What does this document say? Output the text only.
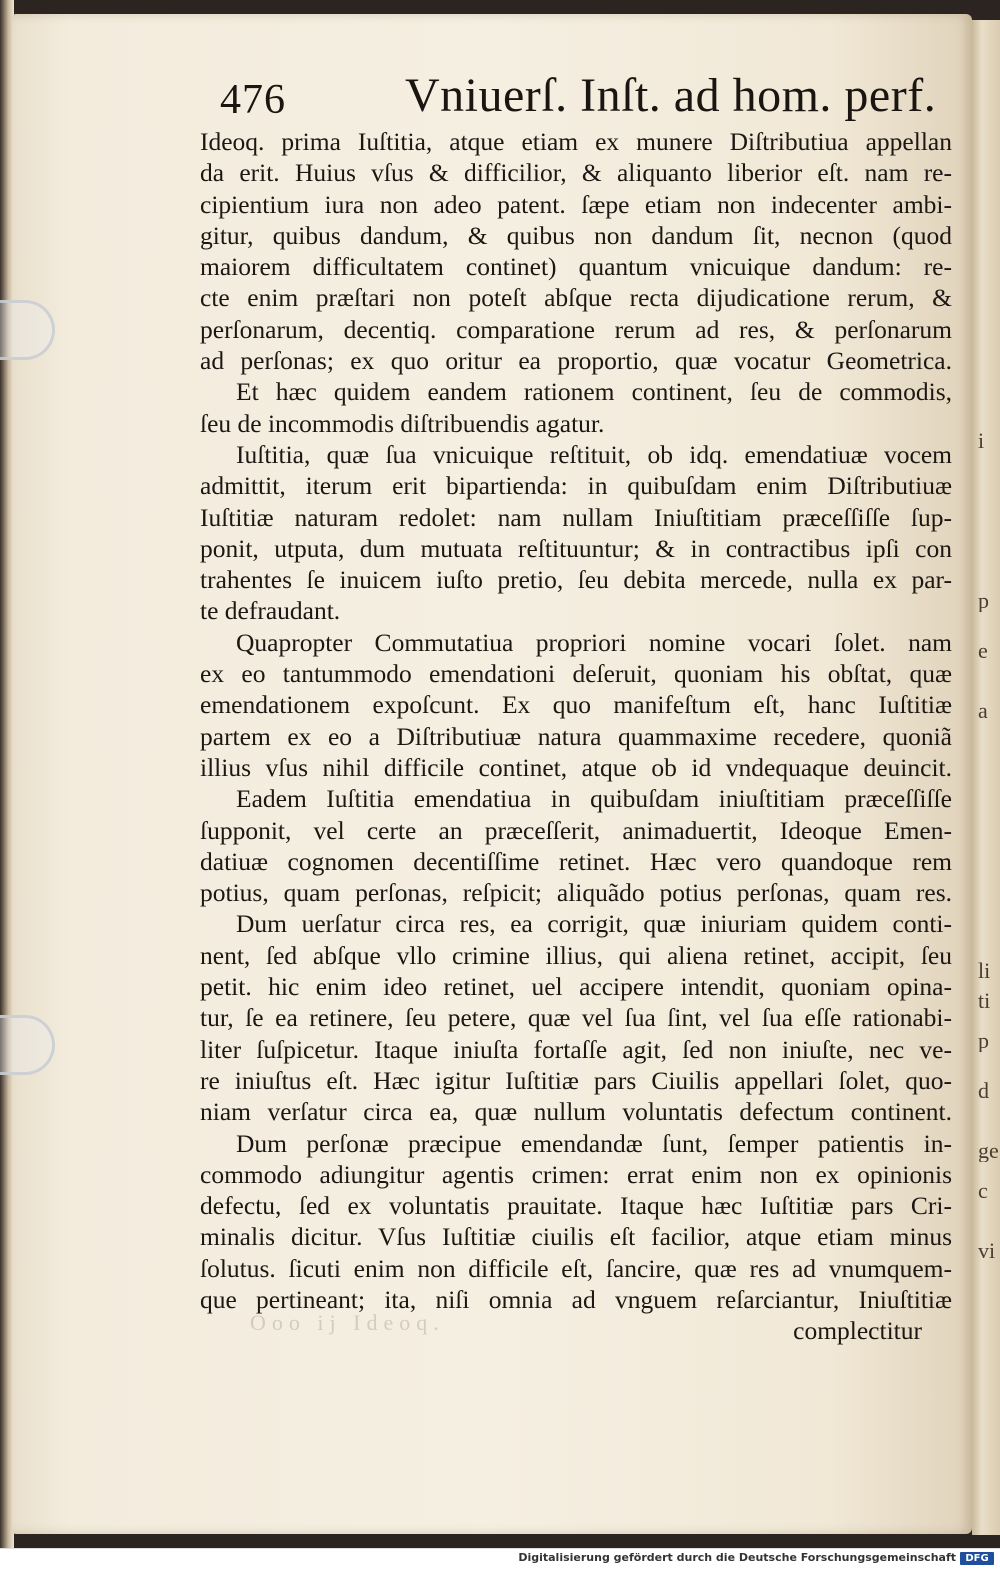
i
p
e
a
li
ti
p
d
ge
c
vi
476 Vniuerſ. Inſt. ad hom. perf.
Ideoq. prima Iuſtitia, atque etiam ex munere Diſtributiua appellan
da erit. Huius vſus & difficilior, & aliquanto liberior eſt. nam re-
cipientium iura non adeo patent. ſæpe etiam non indecenter ambi-
gitur, quibus dandum, & quibus non dandum ſit, necnon (quod
maiorem difficultatem continet) quantum vnicuique dandum: re-
cte enim præſtari non poteſt abſque recta dijudicatione rerum, &
perſonarum, decentiq. comparatione rerum ad res, & perſonarum
ad perſonas; ex quo oritur ea proportio, quæ vocatur Geometrica.
Et hæc quidem eandem rationem continent, ſeu de commodis,
ſeu de incommodis diſtribuendis agatur.
Iuſtitia, quæ ſua vnicuique reſtituit, ob idq. emendatiuæ vocem
admittit, iterum erit bipartienda: in quibuſdam enim Diſtributiuæ
Iuſtitiæ naturam redolet: nam nullam Iniuſtitiam præceſſiſſe ſup-
ponit, utputa, dum mutuata reſtituuntur; & in contractibus ipſi con
trahentes ſe inuicem iuſto pretio, ſeu debita mercede, nulla ex par-
te defraudant.
Quapropter Commutatiua propriori nomine vocari ſolet. nam
ex eo tantummodo emendationi deſeruit, quoniam his obſtat, quæ
emendationem expoſcunt. Ex quo manifeſtum eſt, hanc Iuſtitiæ
partem ex eo a Diſtributiuæ natura quammaxime recedere, quoniã
illius vſus nihil difficile continet, atque ob id vndequaque deuincit.
Eadem Iuſtitia emendatiua in quibuſdam iniuſtitiam præceſſiſſe
ſupponit, vel certe an præceſſerit, animaduertit, Ideoque Emen-
datiuæ cognomen decentiſſime retinet. Hæc vero quandoque rem
potius, quam perſonas, reſpicit; aliquãdo potius perſonas, quam res.
Dum uerſatur circa res, ea corrigit, quæ iniuriam quidem conti-
nent, ſed abſque vllo crimine illius, qui aliena retinet, accipit, ſeu
petit. hic enim ideo retinet, uel accipere intendit, quoniam opina-
tur, ſe ea retinere, ſeu petere, quæ vel ſua ſint, vel ſua eſſe rationabi-
liter ſuſpicetur. Itaque iniuſta fortaſſe agit, ſed non iniuſte, nec ve-
re iniuſtus eſt. Hæc igitur Iuſtitiæ pars Ciuilis appellari ſolet, quo-
niam verſatur circa ea, quæ nullum voluntatis defectum continent.
Dum perſonæ præcipue emendandæ ſunt, ſemper patientis in-
commodo adiungitur agentis crimen: errat enim non ex opinionis
defectu, ſed ex voluntatis prauitate. Itaque hæc Iuſtitiæ pars Cri-
minalis dicitur. Vſus Iuſtitiæ ciuilis eſt facilior, atque etiam minus
ſolutus. ſicuti enim non difficile eſt, ſancire, quæ res ad vnumquem-
que pertineant; ita, niſi omnia ad vnguem reſarciantur, Iniuſtitiæ
complectitur
Ooo ij Ideoq.
Digitalisierung gefördert durch die Deutsche Forschungsgemeinschaft DFG
